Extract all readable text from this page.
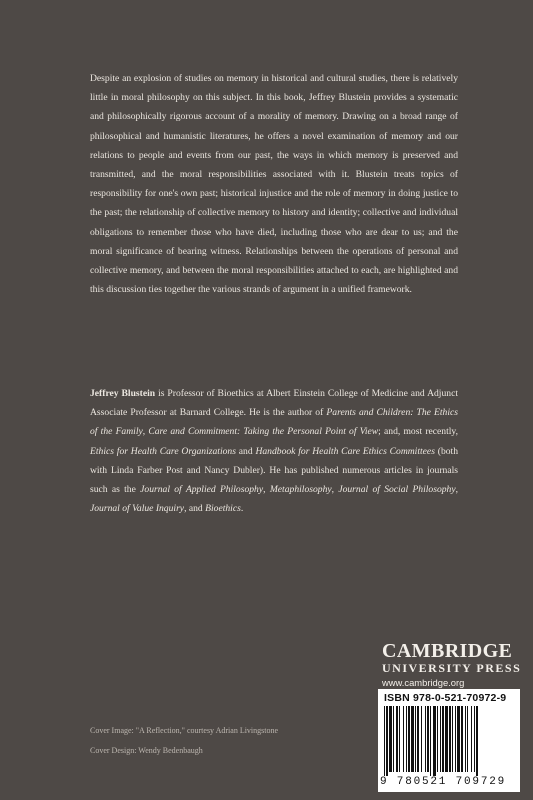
Despite an explosion of studies on memory in historical and cultural studies, there is relatively little in moral philosophy on this subject. In this book, Jeffrey Blustein provides a systematic and philosophically rigorous account of a morality of memory. Drawing on a broad range of philosophical and humanistic literatures, he offers a novel examination of memory and our relations to people and events from our past, the ways in which memory is preserved and transmitted, and the moral responsibilities associated with it. Blustein treats topics of responsibility for one's own past; historical injustice and the role of memory in doing justice to the past; the relationship of collective memory to history and identity; collective and individual obligations to remember those who have died, including those who are dear to us; and the moral significance of bearing witness. Relationships between the operations of personal and collective memory, and between the moral responsibilities attached to each, are highlighted and this discussion ties together the various strands of argument in a unified framework.

Jeffrey Blustein is Professor of Bioethics at Albert Einstein College of Medicine and Adjunct Associate Professor at Barnard College. He is the author of Parents and Children: The Ethics of the Family, Care and Commitment: Taking the Personal Point of View; and, most recently, Ethics for Health Care Organizations and Handbook for Health Care Ethics Committees (both with Linda Farber Post and Nancy Dubler). He has published numerous articles in journals such as the Journal of Applied Philosophy, Metaphilosophy, Journal of Social Philosophy, Journal of Value Inquiry, and Bioethics.

CAMBRIDGE
UNIVERSITY PRESS
www.cambridge.org
ISBN 978-0-521-70972-9
9 780521 709729
Cover Image: "A Reflection," courtesy Adrian Livingstone
Cover Design: Wendy Bedenbaugh
